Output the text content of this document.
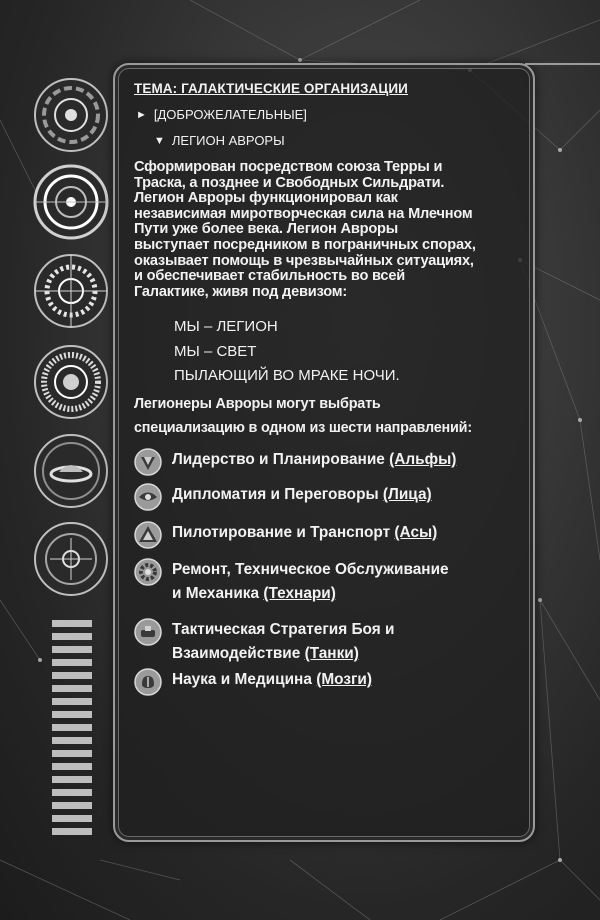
ТЕМА: ГАЛАКТИЧЕСКИЕ ОРГАНИЗАЦИИ
► [ДОБРОЖЕЛАТЕЛЬНЫЕ]
▼ ЛЕГИОН АВРОРЫ
Сформирован посредством союза Терры и
Траска, а позднее и Свободных Сильдрати.
Легион Авроры функционировал как
независимая миротворческая сила на Млечном
Пути уже более века. Легион Авроры
выступает посредником в пограничных спорах,
оказывает помощь в чрезвычайных ситуациях,
и обеспечивает стабильность во всей
Галактике, живя под девизом:
МЫ – ЛЕГИОН
МЫ – СВЕТ
ПЫЛАЮЩИЙ ВО МРАКЕ НОЧИ.
Легионеры Авроры могут выбрать
специализацию в одном из шести направлений:
Лидерство и Планирование (Альфы)
Дипломатия и Переговоры (Лица)
Пилотирование и Транспорт (Асы)
Ремонт, Техническое Обслуживание
и Механика (Технари)
Тактическая Стратегия Боя и
Взаимодействие (Танки)
Наука и Медицина (Мозги)
